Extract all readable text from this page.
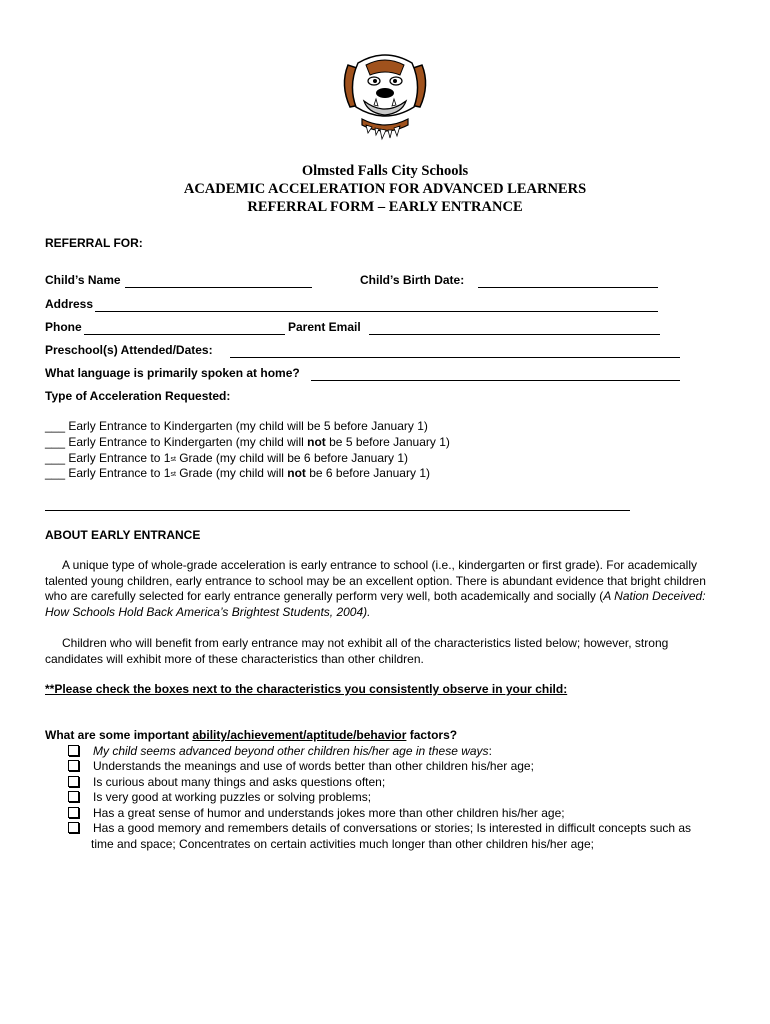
Olmsted Falls City Schools
ACADEMIC ACCELERATION FOR ADVANCED LEARNERS
REFERRAL FORM – EARLY ENTRANCE
REFERRAL FOR:
Child’s Name	Child’s Birth Date:
Address
Phone	Parent Email
Preschool(s) Attended/Dates:
What language is primarily spoken at home?
Type of Acceleration Requested:
___ Early Entrance to Kindergarten (my child will be 5 before January 1)
___ Early Entrance to Kindergarten (my child will not be 5 before January 1)
___ Early Entrance to 1st Grade (my child will be 6 before January 1)
___ Early Entrance to 1st Grade (my child will not be 6 before January 1)
ABOUT EARLY ENTRANCE
A unique type of whole-grade acceleration is early entrance to school (i.e., kindergarten or first grade). For academically talented young children, early entrance to school may be an excellent option. There is abundant evidence that bright children who are carefully selected for early entrance generally perform very well, both academically and socially (A Nation Deceived: How Schools Hold Back America’s Brightest Students, 2004).
Children who will benefit from early entrance may not exhibit all of the characteristics listed below; however, strong candidates will exhibit more of these characteristics than other children.
**Please check the boxes next to the characteristics you consistently observe in your child:
What are some important ability/achievement/aptitude/behavior factors?
My child seems advanced beyond other children his/her age in these ways:
Understands the meanings and use of words better than other children his/her age;
Is curious about many things and asks questions often;
Is very good at working puzzles or solving problems;
Has a great sense of humor and understands jokes more than other children his/her age;
Has a good memory and remembers details of conversations or stories; Is interested in difficult concepts such as
time and space; Concentrates on certain activities much longer than other children his/her age;
